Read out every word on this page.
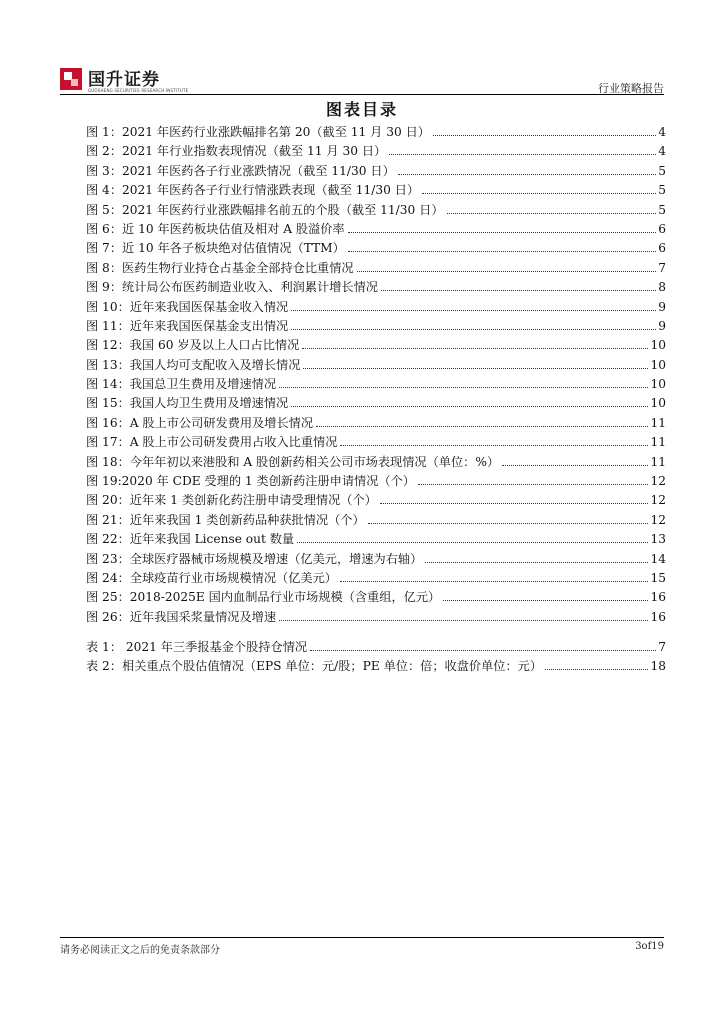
国升证券
GUOSHENG SECURITIES RESEARCH INSTITUTE	行业策略报告
图表目录
图 1：2021 年医药行业涨跌幅排名第 20（截至 11 月 30 日）	4
图 2：2021 年行业指数表现情况（截至 11 月 30 日）	4
图 3：2021 年医药各子行业涨跌情况（截至 11/30 日）	5
图 4：2021 年医药各子行业行情涨跌表现（截至 11/30 日）	5
图 5：2021 年医药行业涨跌幅排名前五的个股（截至 11/30 日）	5
图 6：近 10 年医药板块估值及相对 A 股溢价率	6
图 7：近 10 年各子板块绝对估值情况（TTM）	6
图 8：医药生物行业持仓占基金全部持仓比重情况	7
图 9：统计局公布医药制造业收入、利润累计增长情况	8
图 10：近年来我国医保基金收入情况	9
图 11：近年来我国医保基金支出情况	9
图 12：我国 60 岁及以上人口占比情况	10
图 13：我国人均可支配收入及增长情况	10
图 14：我国总卫生费用及增速情况	10
图 15：我国人均卫生费用及增速情况	10
图 16：A 股上市公司研发费用及增长情况	11
图 17：A 股上市公司研发费用占收入比重情况	11
图 18：今年年初以来港股和 A 股创新药相关公司市场表现情况（单位：%）	11
图 19:2020 年 CDE 受理的 1 类创新药注册申请情况（个）	12
图 20：近年来 1 类创新化药注册申请受理情况（个）	12
图 21：近年来我国 1 类创新药品种获批情况（个）	12
图 22：近年来我国 License out 数量	13
图 23：全球医疗器械市场规模及增速（亿美元，增速为右轴）	14
图 24：全球疫苗行业市场规模情况（亿美元）	15
图 25：2018-2025E 国内血制品行业市场规模（含重组，亿元）	16
图 26：近年我国采浆量情况及增速	16
表 1： 2021 年三季报基金个股持仓情况	7
表 2：相关重点个股估值情况（EPS 单位：元/股；PE 单位：倍；收盘价单位：元）	18
请务必阅读正文之后的免责条款部分	3of19
